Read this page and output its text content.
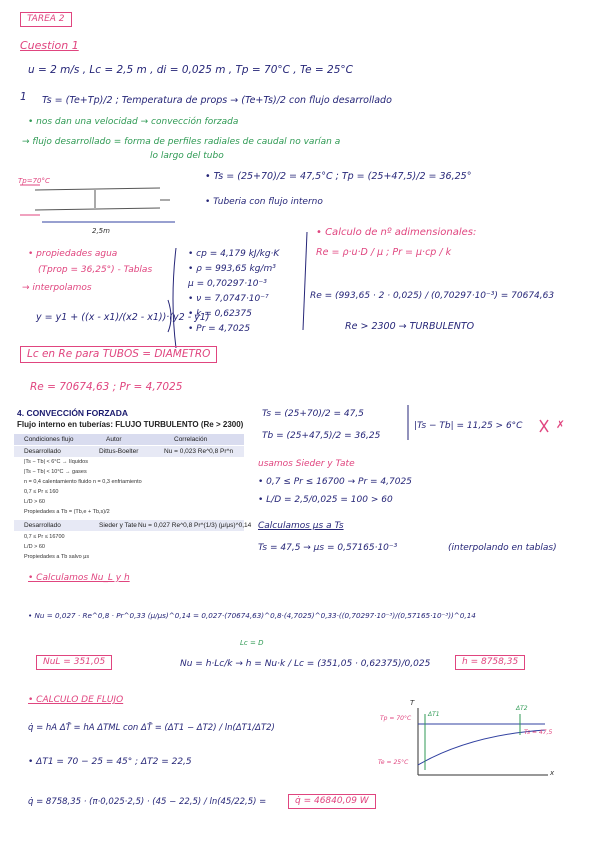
TAREA 2
Cuestion 1
u = 2 m/s , Lc = 2,5 m , di = 0,025 m , Tp = 70°C , Te = 25°C
1 Ts = (Te+Tp)/2 ; Temperatura de props → (Te+Ts)/2 con flujo desarrollado
• nos dan una velocidad → convección forzada
→ flujo desarrollado = forma de perfiles radiales de caudal no varían a
lo largo del tubo
Tp=70°C
2,5m
• Ts = (25+70)/2 = 47,5°C ; Tp = (25+47,5)/2 = 36,25°
• Tuberia con flujo interno
• propiedades agua
(Tprop = 36,25°) - Tablas
→ interpolamos
y = y1 + ((x - x1)/(x2 - x1))·(y2 - y1)
• cp = 4,179 kJ/kg·K
• ρ = 993,65 kg/m³
μ = 0,70297·10⁻³
• ν = 7,0747·10⁻⁷
• k = 0,62375
• Pr = 4,7025
• Calculo de nº adimensionales:
Re = ρ·u·D / μ ; Pr = μ·cp / k
Re = (993,65 · 2 · 0,025) / (0,70297·10⁻³) = 70674,63
Re > 2300 → TURBULENTO
Lc en Re para TUBOS = DIAMETRO
Re = 70674,63 ; Pr = 4,7025
4. CONVECCIÓN FORZADA
Flujo interno en tuberías: FLUJO TURBULENTO (Re > 2300)
Condiciones flujo	Autor	Correlación
Desarrollado	Dittus-Boelter	Nu = 0,023 Re^0,8 Pr^n
|Ts − Tb| < 6°C → líquidos
|Ts − Tb| < 10°C → gases
n = 0,4 calentamiento fluido n = 0,3 enfriamiento
0,7 ≤ Pr ≤ 160
L/D > 60
Propiedades a Tb = (Tb,e + Tb,s)/2
Desarrollado	Sieder y Tate Nu = 0,027 Re^0,8 Pr^(1/3) (μ/μs)^0,14
0,7 ≤ Pr ≤ 16700
L/D > 60
Propiedades a Tb salvo μs
Ts = (25+70)/2 = 47,5
Tb = (25+47,5)/2 = 36,25
|Ts − Tb| = 11,25 > 6°C	✗
usamos Sieder y Tate
• 0,7 ≤ Pr ≤ 16700 → Pr = 4,7025
• L/D = 2,5/0,025 = 100 > 60
Calculamos μs a Ts
Ts = 47,5 → μs = 0,57165·10⁻³	(interpolando en tablas)
• Calculamos Nu_L y h
• Nu = 0,027 · Re^0,8 · Pr^0,33 (μ/μs)^0,14 = 0,027·(70674,63)^0,8·(4,7025)^0,33·((0,70297·10⁻³)/(0,57165·10⁻³))^0,14
NuL = 351,05	Nu = h·Lc/k → h = Nu·k / Lc = (351,05 · 0,62375)/0,025
Lc = D
h = 8758,35
• CALCULO DE FLUJO
q̇ = hA ΔT̄ = hA ΔTML con ΔT̄ = (ΔT1 − ΔT2) / ln(ΔT1/ΔT2)
• ΔT1 = 70 − 25 = 45° ; ΔT2 = 22,5
q̇ = 8758,35 · (π·0,025·2,5) · (45 − 22,5) / ln(45/22,5) =	q̇ = 46840,09 W
T
Tp = 70°C
Te = 25°C
Ts = 47,5
ΔT1
ΔT2
x
